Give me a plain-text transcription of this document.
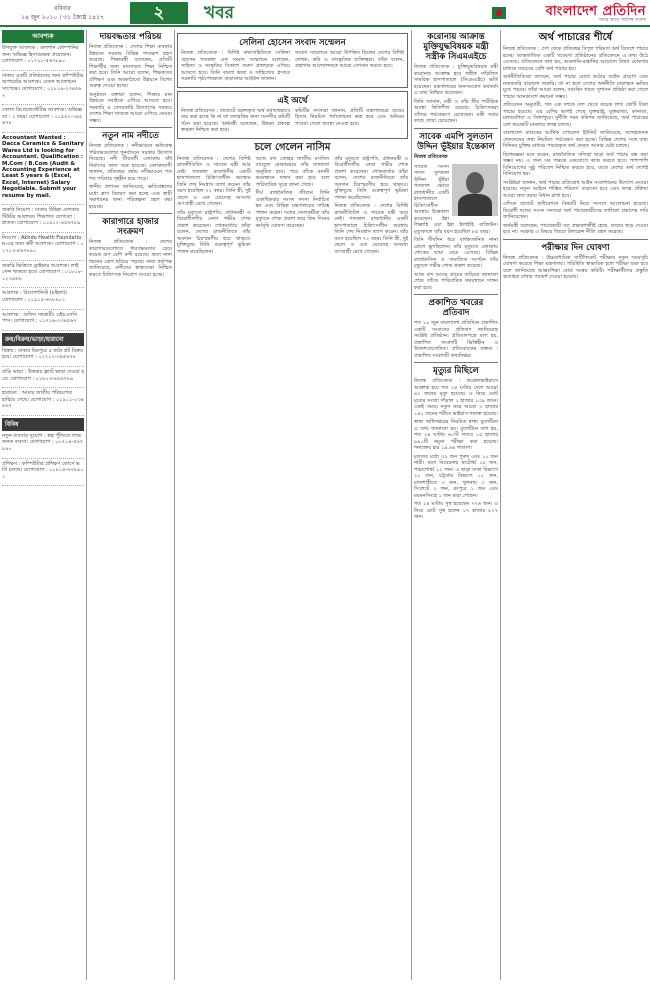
রবিবার
১৪ জুন ২০১০ । ৩১ জ্যৈষ্ঠ ১৪১৭	২	খবর	বাংলাদেশ প্রতিদিন
সবার আগে সর্বশেষ সংবাদ
আবশ্যক

উপযুক্ত আবশ্যক : গুলশান কোম্পানির জন্য অভিজ্ঞ হিসাবরক্ষক প্রয়োজন। যোগাযোগ : ০১৭১১-৫৬৭৮৯০

ঢাকার একটি প্রতিষ্ঠানের জন্য কম্পিউটার অপারেটর আবশ্যক। বেতন আলোচনা সাপেক্ষে। যোগাযোগ : ০১৮১৯-২৩৪৫৬৭

সেলস রিপ্রেজেন্টেটিভ আবশ্যক। অভিজ্ঞতা : ২ বছর। যোগাযোগ : ০১৫৫২-৩৪৫৬৭৮

Accountant Wanted : Dacca Ceramics & Sanitary Wares Ltd is looking for Accountant. Qualification : M.Com / B.Com (Audit & Accounting Experience at Least 5 years & (Excel, Excel, Internet) Salary Negotiable. Submit your resume by mail.

জরুরি নিয়োগ : ঢাকার বিভিন্ন এলাকায় টিউটর আবশ্যক। শিক্ষাগত যোগ্যতা : স্নাতক। যোগাযোগ : ০১৯১২-৪৫৬৭৮৯

নিয়োগ : Akhdo Health Foundation-এর জন্য কর্মী আবশ্যক। যোগাযোগ : ০১৭১৩-৫৬৭৮৯০

জরুরি ভিত্তিতে ড্রাইভার আবশ্যক। লাইসেন্স থাকতে হবে। যোগাযোগ : ০১৮১৮-১২৩৪৫৬

আবশ্যক : রিসেপশনিস্ট (মহিলা)। যোগাযোগ : ০১৯১৫-৬৭৮৯০১

আবশ্যক : অফিস সহকারী। এইচএসসি পাস। যোগাযোগ : ০১৭১৬-২৩৪৫৬৭

ক্রয়/বিক্রয়/ভাড়া/হারানো

বিক্রয় : ঢাকার মিরপুরে ৫ কাঠা প্লট বিক্রয় হবে। যোগাযোগ : ০১৭১২-৩৪৫৬৭৮

বাড়ি ভাড়া : উত্তরায় ফ্ল্যাট ভাড়া দেওয়া হবে। যোগাযোগ : ০১৮১৩-৪৫৬৭৮৯

হারানো : আমার জাতীয় পরিচয়পত্র হারিয়ে গেছে। যোগাযোগ : ০১৯১১-২৩৪৫৬৭

বিবিধ

নতুন ব্যবসার সুযোগ : স্বল্প পুঁজিতে লাভজনক ব্যবসা। যোগাযোগ : ০১৭১৪-৫৬৭৮৯০

প্রশিক্ষণ : কম্পিউটার প্রশিক্ষণ কোর্সে ভর্তি চলছে। যোগাযোগ : ০১৮১৫-৬৭৮৯০১

দায়বদ্ধতার পরিচয়

নিজস্ব প্রতিবেদক : দেশের শিক্ষা ব্যবস্থার উন্নয়নে সরকার বিভিন্ন পদক্ষেপ গ্রহণ করেছে। শিক্ষামন্ত্রী বলেছেন, প্রতিটি শিক্ষার্থীর জন্য মানসম্মত শিক্ষা নিশ্চিত করা হবে। তিনি আরো বলেন, শিক্ষকদের প্রশিক্ষণ এবং অবকাঠামো উন্নয়নে বিশেষ গুরুত্ব দেওয়া হচ্ছে।

অনুষ্ঠানে বক্তারা বলেন, শিক্ষার মান উন্নয়নে সবাইকে এগিয়ে আসতে হবে। সরকারি ও বেসরকারি উদ্যোগের সমন্বয়ে দেশের শিক্ষা খাতকে আরো এগিয়ে নেওয়া সম্ভব।

নতুন নাম নদীতে

নিজস্ব প্রতিবেদক : নদীভাঙনে ক্ষতিগ্রস্ত পরিবারগুলোর পুনর্বাসনে সরকার উদ্যোগ নিয়েছে। নদী তীরবর্তী এলাকায় বাঁধ নির্মাণের কাজ শুরু হয়েছে। এলাকাবাসী জানান, প্রতিবছর বর্ষায় নদীভাঙনে শত শত পরিবার গৃহহীন হয়ে পড়ে।

স্থানীয় প্রশাসন জানিয়েছে, ক্ষতিগ্রস্তদের মধ্যে ত্রাণ বিতরণ করা হচ্ছে এবং স্থায়ী সমাধানের জন্য পরিকল্পনা গ্রহণ করা হয়েছে।

কারাগারে হাজার সংক্রমণ

নিজস্ব প্রতিবেদক : দেশের কারাগারগুলোতে ধারণক্ষমতার চেয়ে কয়েক গুণ বেশি বন্দী রয়েছে। ফলে নানা ধরনের রোগ ছড়িয়ে পড়ছে। কারা কর্তৃপক্ষ জানিয়েছে, বন্দীদের স্বাস্থ্যসেবা নিশ্চিত করতে চিকিৎসক নিয়োগ দেওয়া হচ্ছে।

সেলিনা হোসেন সংবাদ সম্মেলন

নিজস্ব প্রতিবেদক : বিশিষ্ট কথাসাহিত্যিক সেলিনা হোসেন গতকাল এক সংবাদ সম্মেলনে বলেছেন, সাহিত্য ও সংস্কৃতির বিকাশে তরুণ প্রজন্মকে এগিয়ে আসতে হবে। তিনি বাংলা ভাষা ও সাহিত্যের প্রসারে সরকারি পৃষ্ঠপোষকতা বাড়ানোর আহ্বান জানান।

সংবাদ সম্মেলনে আরো উপস্থিত ছিলেন দেশের বিশিষ্ট লেখক, কবি ও সাংস্কৃতিক ব্যক্তিত্বরা। তাঁরা বলেন, গ্রন্থাগার আন্দোলনকে আরো বেগবান করতে হবে।

এই অর্থে

নিজস্ব প্রতিবেদক : বাজেটে বরাদ্দকৃত অর্থ যথাযথভাবে ব্যয় করা হচ্ছে কি না তা তদারকির জন্য সংসদীয় কমিটি গঠন করা হয়েছে। অর্থমন্ত্রী বলেছেন, উন্নয়ন প্রকল্পে স্বচ্ছতা নিশ্চিত করা হবে।

কমিটির সদস্যরা জানান, প্রতিটি মন্ত্রণালয়ের ব্যয়ের হিসাব নিয়মিত পর্যালোচনা করা হবে এবং অনিয়ম পাওয়া গেলে ব্যবস্থা নেওয়া হবে।

চলে গেলেন নাসিম

নিজস্ব প্রতিবেদক : দেশের বিশিষ্ট রাজনীতিবিদ ও সাবেক মন্ত্রী আর নেই। গতকাল রাজধানীর একটি হাসপাতালে চিকিৎসাধীন অবস্থায় তিনি শেষ নিঃশ্বাস ত্যাগ করেন। তাঁর বয়স হয়েছিল ৭২ বছর। তিনি স্ত্রী, দুই ছেলে ও এক মেয়েসহ অসংখ্য গুণগ্রাহী রেখে গেছেন।

তাঁর মৃত্যুতে রাষ্ট্রপতি, প্রধানমন্ত্রী ও বিরোধীদলীয় নেতা গভীর শোক প্রকাশ করেছেন। শোকবার্তায় তাঁরা বলেন, দেশের রাজনীতিতে তাঁর অবদান চিরস্মরণীয় হয়ে থাকবে। মুক্তিযুদ্ধে তিনি গুরুত্বপূর্ণ ভূমিকা পালন করেছিলেন।

আজ বাদ জোহর জাতীয় মসজিদ বায়তুল মোকাররমে তাঁর জানাজা অনুষ্ঠিত হবে। পরে তাঁকে বনানী কবরস্থানে দাফন করা হবে বলে পারিবারিক সূত্রে জানা গেছে।

দীর্ঘ রাজনৈতিক জীবনে তিনি একাধিকবার সংসদ সদস্য নির্বাচিত হন এবং বিভিন্ন মন্ত্রণালয়ের দায়িত্ব পালন করেন। দলের নেতাকর্মীরা তাঁর মৃত্যুতে শোক প্রকাশ করে তিন দিনের কর্মসূচি ঘোষণা করেছেন।

তাঁর মৃত্যুতে রাষ্ট্রপতি, প্রধানমন্ত্রী ও বিরোধীদলীয় নেতা গভীর শোক প্রকাশ করেছেন। শোকবার্তায় তাঁরা বলেন, দেশের রাজনীতিতে তাঁর অবদান চিরস্মরণীয় হয়ে থাকবে। মুক্তিযুদ্ধে তিনি গুরুত্বপূর্ণ ভূমিকা পালন করেছিলেন।

নিজস্ব প্রতিবেদক : দেশের বিশিষ্ট রাজনীতিবিদ ও সাবেক মন্ত্রী আর নেই। গতকাল রাজধানীর একটি হাসপাতালে চিকিৎসাধীন অবস্থায় তিনি শেষ নিঃশ্বাস ত্যাগ করেন। তাঁর বয়স হয়েছিল ৭২ বছর। তিনি স্ত্রী, দুই ছেলে ও এক মেয়েসহ অসংখ্য গুণগ্রাহী রেখে গেছেন।

করোনায় আক্রান্ত মুক্তিযুদ্ধবিষয়ক মন্ত্রী সস্ত্রীক সিএমএইচে

নিজস্ব প্রতিবেদক : মুক্তিযুদ্ধবিষয়ক মন্ত্রী করোনায় আক্রান্ত হয়ে সস্ত্রীক সম্মিলিত সামরিক হাসপাতালে (সিএমএইচ) ভর্তি হয়েছেন। মন্ত্রণালয়ের জনসংযোগ কর্মকর্তা এ তথ্য নিশ্চিত করেছেন।

তিনি জানান, মন্ত্রী ও তাঁর স্ত্রীর শারীরিক অবস্থা স্থিতিশীল রয়েছে। চিকিৎসকরা তাঁদের পর্যবেক্ষণে রেখেছেন। মন্ত্রী সবার কাছে দোয়া চেয়েছেন।

সাবেক এমপি সুলতান উদ্দিন ভূঁইয়ার ইন্তেকাল
নিজস্ব প্রতিবেদক

সাবেক সংসদ সদস্য সুলতান উদ্দিন ভূঁইয়া গতকাল ভোরে রাজধানীর একটি হাসপাতালে চিকিৎসাধীন অবস্থায় ইন্তেকাল করেছেন। ইন্না লিল্লাহি ওয়া ইন্না ইলাইহি রাজিউন। মৃত্যুকালে তাঁর বয়স হয়েছিল ৮৫ বছর।

তিনি দীর্ঘদিন ধরে বার্ধক্যজনিত নানা রোগে ভুগছিলেন। তাঁর মৃত্যুতে এলাকায় শোকের ছায়া নেমে এসেছে। বিভিন্ন রাজনৈতিক ও সামাজিক সংগঠন তাঁর মৃত্যুতে গভীর শোক প্রকাশ করেছে।

আজ বাদ আসর গ্রামের বাড়িতে জানাজা শেষে তাঁকে পারিবারিক কবরস্থানে দাফন করা হবে।

প্রকাশিত খবরের প্রতিবাদ

গত ১০ জুন বাংলাদেশ প্রতিদিনে প্রকাশিত একটি সংবাদের প্রতিবাদ জানিয়েছে সংশ্লিষ্ট প্রতিষ্ঠান। প্রতিবাদপত্রে বলা হয়, প্রকাশিত সংবাদটি ভিত্তিহীন ও উদ্দেশ্যপ্রণোদিত। প্রতিবেদকের বক্তব্য : প্রকাশিত সংবাদটি তথ্যনির্ভর।

মৃত্যুর মিছিলে

নিজস্ব প্রতিবেদক : করোনাভাইরাসে আক্রান্ত হয়ে গত ২৪ ঘণ্টায় দেশে আরো ৪২ জনের মৃত্যু হয়েছে। এ নিয়ে মোট মৃতের সংখ্যা দাঁড়াল ১ হাজার ১৩৯ জনে। একই সময়ে নতুন করে আরো ৩ হাজার ১৪১ জনের শরীরে ভাইরাস শনাক্ত হয়েছে।

স্বাস্থ্য অধিদপ্তরের নিয়মিত স্বাস্থ্য বুলেটিনে এ তথ্য জানানো হয়। বুলেটিনে বলা হয়, গত ২৪ ঘণ্টায় ৬০টি ল্যাবে ১৫ হাজার ৯৯০টি নমুনা পরীক্ষা করা হয়েছে। শনাক্তের হার ১৯.৬৪ শতাংশ।

মৃতদের মধ্যে ৩২ জন পুরুষ এবং ১০ জন নারী। বয়স বিবেচনায় ষাটোর্ধ্ব ১৮ জন, পঞ্চাশোর্ধ্ব ১২ জন। এ ছাড়া ঢাকা বিভাগে ২০ জন, চট্টগ্রাম বিভাগে ১২ জন, রাজশাহীতে ৩ জন, খুলনায় ৩ জন, সিলেটে ২ জন, রংপুরে ১ জন এবং ময়মনসিংহে ১ জন মারা গেছেন।

গত ২৪ ঘণ্টায় সুস্থ হয়েছেন ৭৭৬ জন। এ নিয়ে মোট সুস্থ হলেন ১৭ হাজার ৮২৭ জন।

অর্থ পাচারের শীর্ষে

নিজস্ব প্রতিবেদক : দেশ থেকে প্রতিবছর বিপুল পরিমাণ অর্থ বিদেশে পাচার হচ্ছে। আন্তর্জাতিক একটি গবেষণা প্রতিষ্ঠানের প্রতিবেদনে এ তথ্য উঠে এসেছে। প্রতিবেদনে বলা হয়, আমদানি-রপ্তানির আড়ালে মিথ্যা ঘোষণার মাধ্যমে সবচেয়ে বেশি অর্থ পাচার হয়।

অর্থনীতিবিদরা বলছেন, অর্থ পাচার রোধে কঠোর আইন প্রয়োগ এবং নজরদারি বাড়ানো জরুরি। তা না হলে দেশের অর্থনীতি মারাত্মক ক্ষতির মুখে পড়বে। তাঁরা আরো বলেন, ব্যাংকিং খাতে সুশাসন প্রতিষ্ঠা করা গেলে পাচার অনেকাংশে কমানো সম্ভব।

প্রতিবেদন অনুযায়ী, গত এক দশকে দেশ থেকে কয়েক লাখ কোটি টাকা পাচার হয়েছে। এর বেশির ভাগই গেছে যুক্তরাষ্ট্র, যুক্তরাজ্য, কানাডা, মালয়েশিয়া ও সিঙ্গাপুরে। দুর্নীতি দমন কমিশন জানিয়েছে, অর্থ পাচারের বেশ কয়েকটি মামলার তদন্ত চলছে।

বাংলাদেশ ব্যাংকের আর্থিক গোয়েন্দা ইউনিট জানিয়েছে, সন্দেহজনক লেনদেনের তথ্য নিয়মিত পর্যবেক্ষণ করা হচ্ছে। বিভিন্ন দেশের সঙ্গে তথ্য বিনিময় চুক্তির মাধ্যমে পাচারকৃত অর্থ ফেরত আনার চেষ্টা চলছে।

বিশেষজ্ঞরা মনে করেন, রাজনৈতিক সদিচ্ছা ছাড়া অর্থ পাচার বন্ধ করা সম্ভব নয়। এ জন্য সব পক্ষকে একযোগে কাজ করতে হবে। পাশাপাশি বিনিয়োগের সুষ্ঠু পরিবেশ নিশ্চিত করতে হবে, যাতে দেশের অর্থ দেশেই বিনিয়োগ হয়।

সংশ্লিষ্টরা জানান, অর্থ পাচার প্রতিরোধ আইন সংশোধনের উদ্যোগ নেওয়া হয়েছে। নতুন আইনে শাস্তির পরিমাণ বাড়ানো হবে এবং তদন্ত প্রক্রিয়া আরো দ্রুত করার বিধান রাখা হবে।

এদিকে বাজেট অধিবেশনে বিষয়টি নিয়ে সংসদে আলোচনা হয়েছে। বিরোধী দলের সংসদ সদস্যরা অর্থ পাচারকারীদের তালিকা প্রকাশের দাবি জানিয়েছেন।

অর্থমন্ত্রী বলেছেন, পাচারকারী যত প্রভাবশালীই হোক, তাদের ছাড় দেওয়া হবে না। সরকার এ বিষয়ে জিরো টলারেন্স নীতি গ্রহণ করেছে।

পরীক্ষার দিন ঘোষণা

নিজস্ব প্রতিবেদক : উচ্চমাধ্যমিক সার্টিফিকেট পরীক্ষার নতুন সময়সূচি ঘোষণা করেছে শিক্ষা মন্ত্রণালয়। পরিস্থিতি স্বাভাবিক হলে পরীক্ষা শুরু হবে বলে জানিয়েছে আন্তঃশিক্ষা বোর্ড সমন্বয় কমিটি। পরীক্ষার্থীদের প্রস্তুতি অব্যাহত রাখার পরামর্শ দেওয়া হয়েছে।
